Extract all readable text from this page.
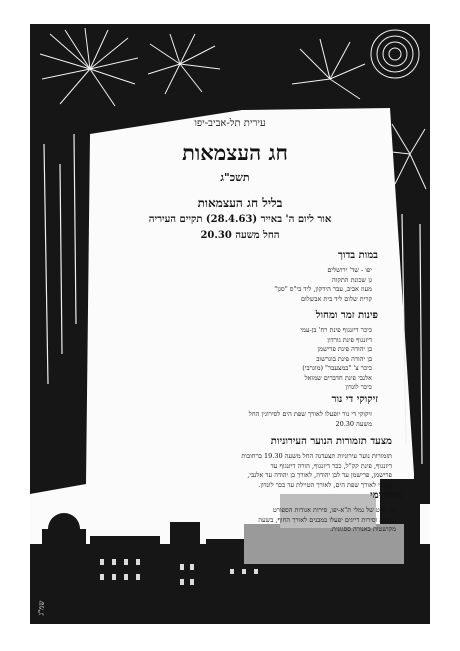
עירית תל-אביב-יפו
חג העצמאות
תשכ"ג
בליל חג העצמאות
אור ליום ה' באייר (28.4.63) תקיים העיריה
החל משעה 20.30
במות בדוך
יפו - שד' ירושלים
גן שכונת התקוה
מעוז אביב, עבר הירקון, ליד בי"ס "סגן"
קרית שלום ליד בית אבשלום
פינות זמר ומחול
כיכר דיזנגוף פינת רח' בן-עמי
דיזנגוף פינת גורדון
בן יהודה פינת פרישמן
בן יהודה פינת בוגרשוב
כיכר צ' "במצעבר" (מוגרבי)
אלנבי פינת חדברים שמואל
כיכר לונדון
זיקוקי די נור
זיקוקי די נור יופעלו לאורך שפת הים לסירוגין החל
משעה 20.30
מצעד תזמורות הנוער העירוניות
תזמורות נוער עירוניות תצעדנה החל משעה 19.30 ברחובות
דיזנגוף, פינת קק"ל, ככר דיזנגוף, הורה דיזנגוף עד
פרישמן, פרישמן עד לבן יהודה, לאורך בן יהודה עד אלנבי,
אלנבי לאורך שפת הים, לאורך הטיילת עד ככר לונדון.
מפגן ימי
כלי שיט של נמלי ת"א-יפו, סירות אגודות הספורט
הימיות וסירות דייגים יפעלו במבנים לאורך החוף, בשעה
מקושטות באנורה ססגונית.
שמ"ג
